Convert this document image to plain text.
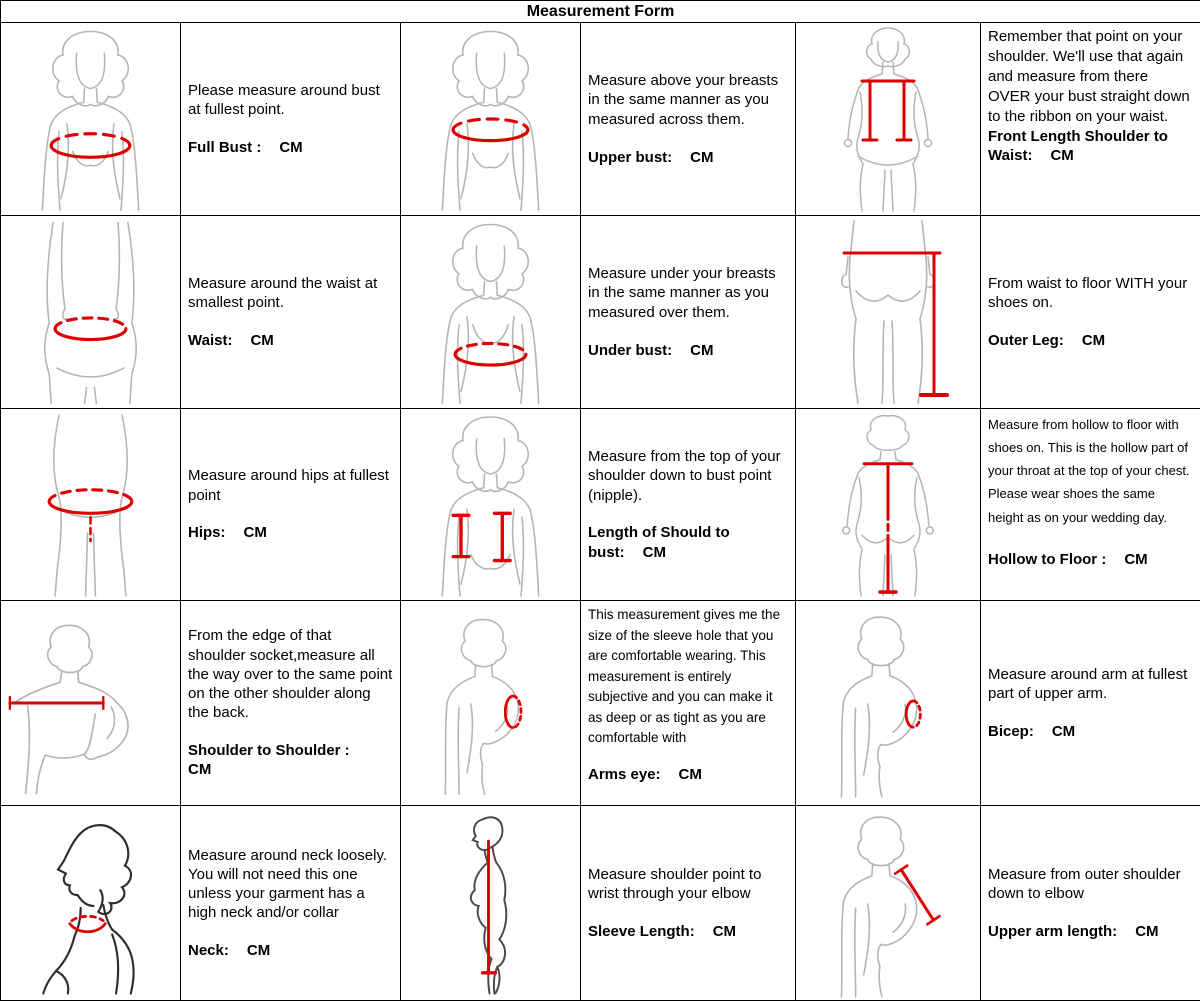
Measurement Form

Please measure around bust at fullest point.

Full Bust : CM

Measure above your breasts in the same manner as you measured across them.

Upper bust: CM

Remember that point on your shoulder. We'll use that again and measure from there OVER your bust straight down to the ribbon on your waist.

Front Length Shoulder to Waist: CM

Measure around the waist at smallest point.

Waist: CM

Measure under your breasts in the same manner as you measured over them.

Under bust: CM

From waist to floor WITH your shoes on.

Outer Leg: CM

Measure around hips at fullest point

Hips: CM

Measure from the top of your shoulder down to bust point (nipple).

Length of Should to bust: CM

Measure from hollow to floor with shoes on. This is the hollow part of your throat at the top of your chest. Please wear shoes the same height as on your wedding day.

Hollow to Floor : CM

From the edge of that shoulder socket,measure all the way over to the same point on the other shoulder along the back.

Shoulder to Shoulder :
CM

This measurement gives me the size of the sleeve hole that you are comfortable wearing. This measurement is entirely subjective and you can make it as deep or as tight as you are comfortable with

Arms eye: CM

Measure around arm at fullest part of upper arm.

Bicep: CM

Measure around neck loosely. You will not need this one unless your garment has a high neck and/or collar

Neck: CM

Measure shoulder point to wrist through your elbow

Sleeve Length: CM

Measure from outer shoulder down to elbow

Upper arm length: CM
